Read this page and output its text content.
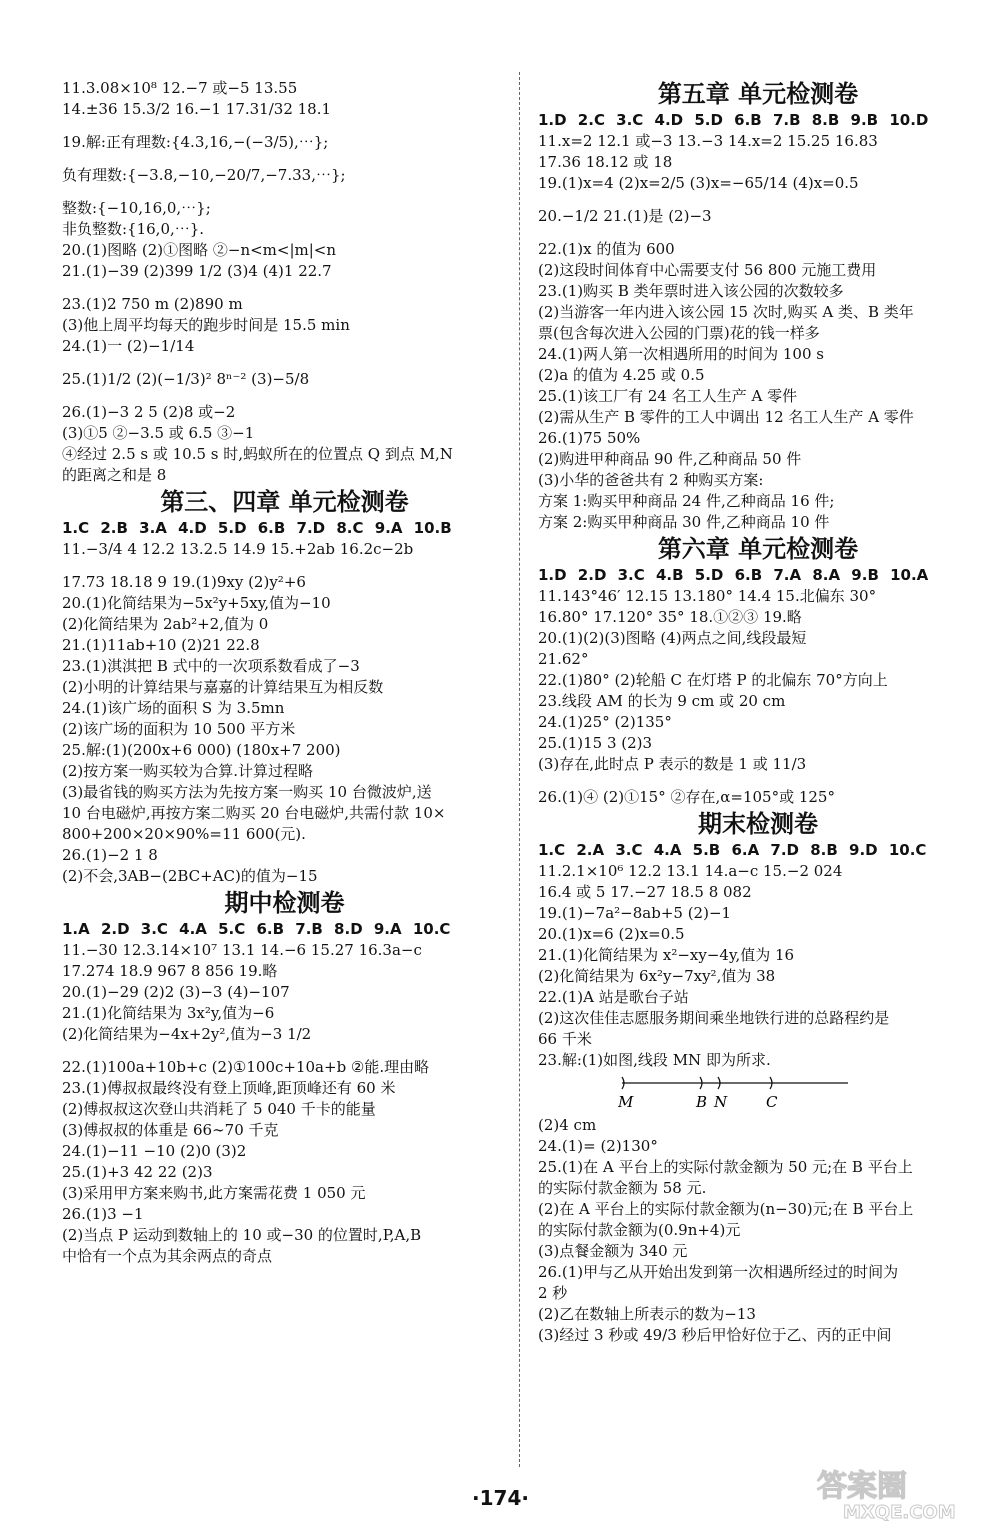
11.3.08×10⁸ 12.−7 或−5 13.55
14.±36 15.3/2 16.−1 17.31/32 18.1
19.解:正有理数:{4.3,16,−(−3/5),⋯};
负有理数:{−3.8,−10,−20/7,−7.33,⋯};
整数:{−10,16,0,⋯};
非负整数:{16,0,⋯}.
20.(1)图略 (2)①图略 ②−n<m<|m|<n
21.(1)−39 (2)399 1/2 (3)4 (4)1 22.7
23.(1)2 750 m (2)890 m
(3)他上周平均每天的跑步时间是 15.5 min
24.(1)一 (2)−1/14
25.(1)1/2 (2)(−1/3)² 8ⁿ⁻² (3)−5/8
26.(1)−3 2 5 (2)8 或−2
(3)①5 ②−3.5 或 6.5 ③−1
④经过 2.5 s 或 10.5 s 时,蚂蚁所在的位置点 Q 到点 M,N
的距离之和是 8
第三、四章 单元检测卷
1.C 2.B 3.A 4.D 5.D 6.B 7.D 8.C 9.A 10.B
11.−3/4 4 12.2 13.2.5 14.9 15.+2ab 16.2c−2b
17.73 18.18 9 19.(1)9xy (2)y²+6
20.(1)化简结果为−5x²y+5xy,值为−10
(2)化简结果为 2ab²+2,值为 0
21.(1)11ab+10 (2)21 22.8
23.(1)淇淇把 B 式中的一次项系数看成了−3
(2)小明的计算结果与嘉嘉的计算结果互为相反数
24.(1)该广场的面积 S 为 3.5mn
(2)该广场的面积为 10 500 平方米
25.解:(1)(200x+6 000) (180x+7 200)
(2)按方案一购买较为合算.计算过程略
(3)最省钱的购买方法为先按方案一购买 10 台微波炉,送
10 台电磁炉,再按方案二购买 20 台电磁炉,共需付款 10×
800+200×20×90%=11 600(元).
26.(1)−2 1 8
(2)不会,3AB−(2BC+AC)的值为−15
期中检测卷
1.A 2.D 3.C 4.A 5.C 6.B 7.B 8.D 9.A 10.C
11.−30 12.3.14×10⁷ 13.1 14.−6 15.27 16.3a−c
17.274 18.9 967 8 856 19.略
20.(1)−29 (2)2 (3)−3 (4)−107
21.(1)化简结果为 3x²y,值为−6
(2)化简结果为−4x+2y²,值为−3 1/2
22.(1)100a+10b+c (2)①100c+10a+b ②能.理由略
23.(1)傅叔叔最终没有登上顶峰,距顶峰还有 60 米
(2)傅叔叔这次登山共消耗了 5 040 千卡的能量
(3)傅叔叔的体重是 66∼70 千克
24.(1)−11 −10 (2)0 (3)2
25.(1)+3 42 22 (2)3
(3)采用甲方案来购书,此方案需花费 1 050 元
26.(1)3 −1
(2)当点 P 运动到数轴上的 10 或−30 的位置时,P,A,B
中恰有一个点为其余两点的奇点
第五章 单元检测卷
1.D 2.C 3.C 4.D 5.D 6.B 7.B 8.B 9.B 10.D
11.x=2 12.1 或−3 13.−3 14.x=2 15.25 16.83
17.36 18.12 或 18
19.(1)x=4 (2)x=2/5 (3)x=−65/14 (4)x=0.5
20.−1/2 21.(1)是 (2)−3
22.(1)x 的值为 600
(2)这段时间体育中心需要支付 56 800 元施工费用
23.(1)购买 B 类年票时进入该公园的次数较多
(2)当游客一年内进入该公园 15 次时,购买 A 类、B 类年
票(包含每次进入公园的门票)花的钱一样多
24.(1)两人第一次相遇所用的时间为 100 s
(2)a 的值为 4.25 或 0.5
25.(1)该工厂有 24 名工人生产 A 零件
(2)需从生产 B 零件的工人中调出 12 名工人生产 A 零件
26.(1)75 50%
(2)购进甲种商品 90 件,乙种商品 50 件
(3)小华的爸爸共有 2 种购买方案:
方案 1:购买甲种商品 24 件,乙种商品 16 件;
方案 2:购买甲种商品 30 件,乙种商品 10 件
第六章 单元检测卷
1.D 2.D 3.C 4.B 5.D 6.B 7.A 8.A 9.B 10.A
11.143°46′ 12.15 13.180° 14.4 15.北偏东 30°
16.80° 17.120° 35° 18.①②③ 19.略
20.(1)(2)(3)图略 (4)两点之间,线段最短
21.62°
22.(1)80° (2)轮船 C 在灯塔 P 的北偏东 70°方向上
23.线段 AM 的长为 9 cm 或 20 cm
24.(1)25° (2)135°
25.(1)15 3 (2)3
(3)存在,此时点 P 表示的数是 1 或 11/3
26.(1)④ (2)①15° ②存在,α=105°或 125°
期末检测卷
1.C 2.A 3.C 4.A 5.B 6.A 7.D 8.B 9.D 10.C
11.2.1×10⁶ 12.2 13.1 14.a−c 15.−2 024
16.4 或 5 17.−27 18.5 8 082
19.(1)−7a²−8ab+5 (2)−1
20.(1)x=6 (2)x=0.5
21.(1)化简结果为 x²−xy−4y,值为 16
(2)化简结果为 6x²y−7xy²,值为 38
22.(1)A 站是歌台子站
(2)这次佳佳志愿服务期间乘坐地铁行进的总路程约是
66 千米
23.解:(1)如图,线段 MN 即为所求.
M	B N	C
(2)4 cm
24.(1)= (2)130°
25.(1)在 A 平台上的实际付款金额为 50 元;在 B 平台上
的实际付款金额为 58 元.
(2)在 A 平台上的实际付款金额为(n−30)元;在 B 平台上
的实际付款金额为(0.9n+4)元
(3)点餐金额为 340 元
26.(1)甲与乙从开始出发到第一次相遇所经过的时间为
2 秒
(2)乙在数轴上所表示的数为−13
(3)经过 3 秒或 49/3 秒后甲恰好位于乙、丙的正中间
·174·	答案圈
MXQE.COM
